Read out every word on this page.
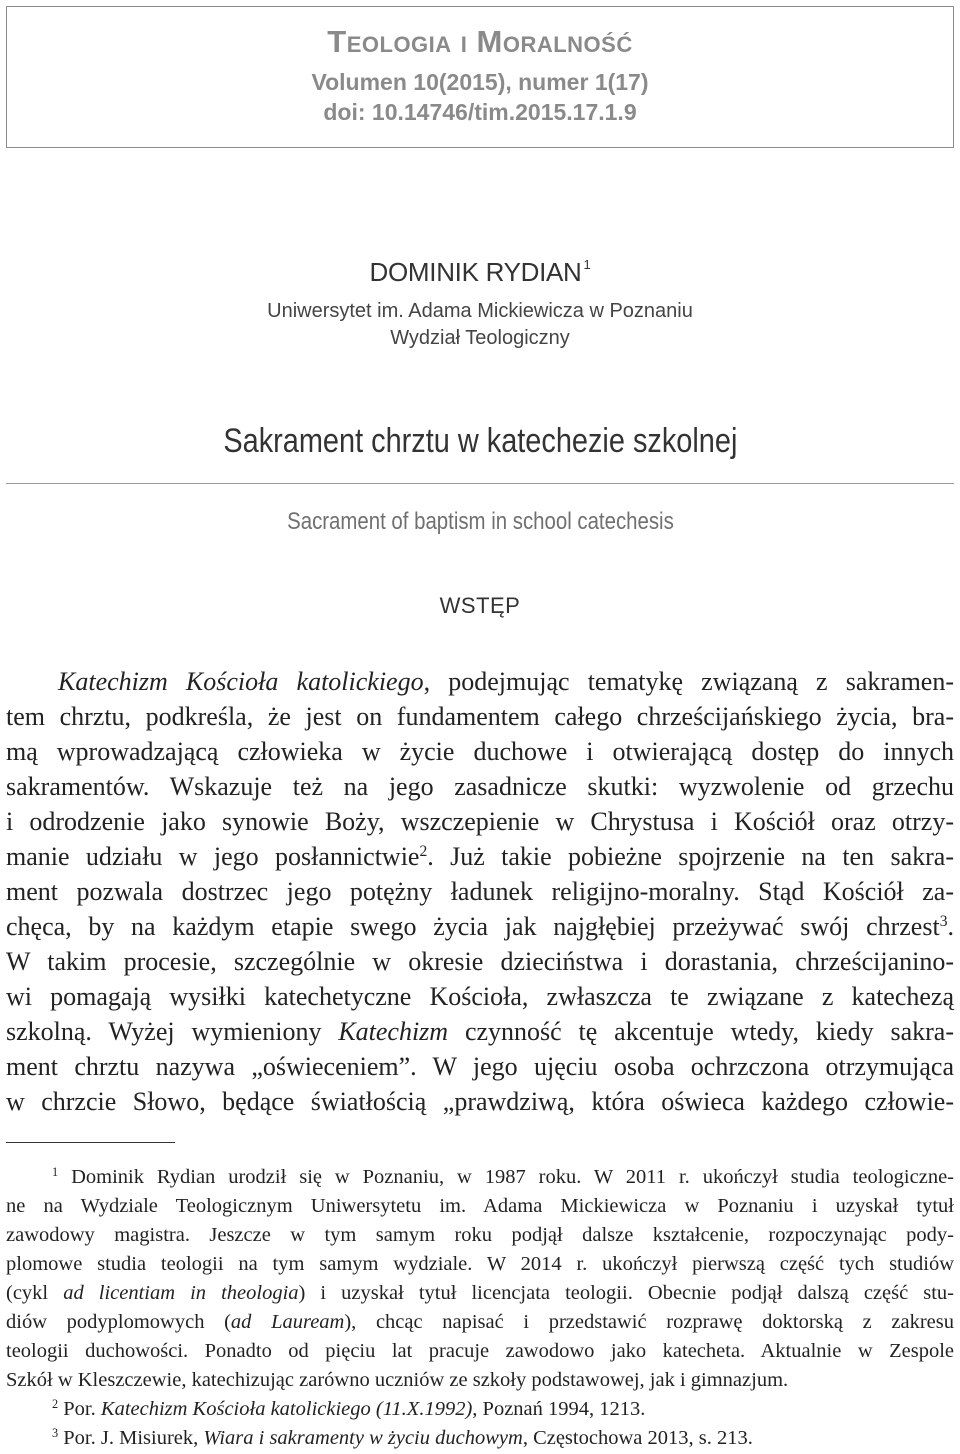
Teologia i Moralność
Volumen 10(2015), numer 1(17)
doi: 10.14746/tim.2015.17.1.9
DOMINIK RYDIAN $^1$
Uniwersytet im. Adama Mickiewicza w Poznaniu
Wydział Teologiczny
Sakrament chrztu w katechezie szkolnej
Sacrament of baptism in school catechesis
WSTĘP
Katechizm Kościoła katolickiego, podejmując tematykę związaną z sakramen-
tem chrztu, podkreśla, że jest on fundamentem całego chrześcijańskiego życia, bra-
mą wprowadzającą człowieka w życie duchowe i otwierającą dostęp do innych
sakramentów. Wskazuje też na jego zasadnicze skutki: wyzwolenie od grzechu
i odrodzenie jako synowie Boży, wszczepienie w Chrystusa i Kościół oraz otrzy-
manie udziału w jego posłannictwie$^2$. Już takie pobieżne spojrzenie na ten sakra-
ment pozwala dostrzec jego potężny ładunek religijno-moralny. Stąd Kościół za-
chęca, by na każdym etapie swego życia jak najgłębiej przeżywać swój chrzest$^3$.
W takim procesie, szczególnie w okresie dzieciństwa i dorastania, chrześcijanino-
wi pomagają wysiłki katechetyczne Kościoła, zwłaszcza te związane z katechezą
szkolną. Wyżej wymieniony Katechizm czynność tę akcentuje wtedy, kiedy sakra-
ment chrztu nazywa „oświeceniem”. W jego ujęciu osoba ochrzczona otrzymująca
w chrzcie Słowo, będące światłością „prawdziwą, która oświeca każdego człowie-
$^1$ Dominik Rydian urodził się w Poznaniu, w 1987 roku. W 2011 r. ukończył studia teologiczne-
ne na Wydziale Teologicznym Uniwersytetu im. Adama Mickiewicza w Poznaniu i uzyskał tytuł
zawodowy magistra. Jeszcze w tym samym roku podjął dalsze kształcenie, rozpoczynając pody-
plomowe studia teologii na tym samym wydziale. W 2014 r. ukończył pierwszą część tych studiów
(cykl ad licentiam in theologia) i uzyskał tytuł licencjata teologii. Obecnie podjął dalszą część stu-
diów podyplomowych (ad Lauream), chcąc napisać i przedstawić rozprawę doktorską z zakresu
teologii duchowości. Ponadto od pięciu lat pracuje zawodowo jako katecheta. Aktualnie w Zespole
Szkół w Kleszczewie, katechizując zarówno uczniów ze szkoły podstawowej, jak i gimnazjum.
$^2$ Por. Katechizm Kościoła katolickiego (11.X.1992), Poznań 1994, 1213.
$^3$ Por. J. Misiurek, Wiara i sakramenty w życiu duchowym, Częstochowa 2013, s. 213.
